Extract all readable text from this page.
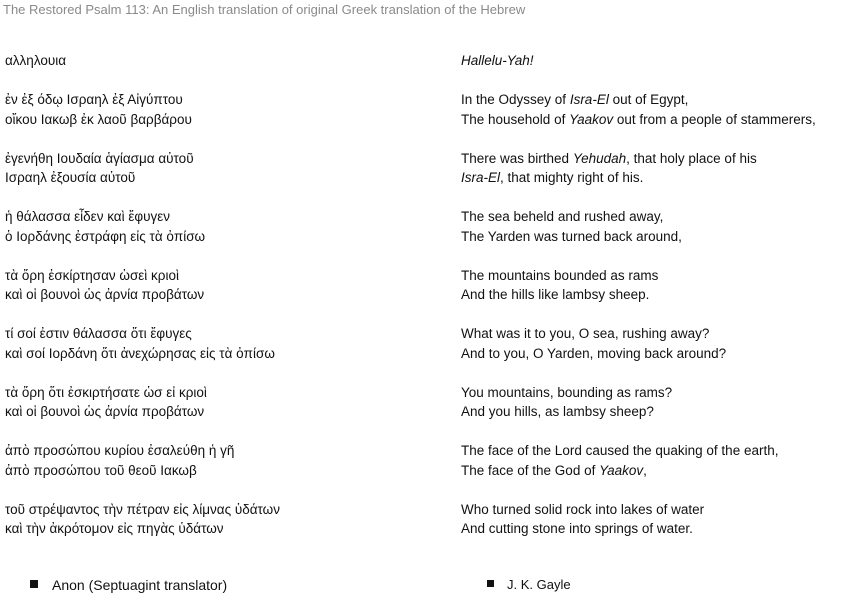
The Restored Psalm 113: An English translation of original Greek translation of the Hebrew
αλληλουια
ἐν ἐξ όδῳ Ισραηλ ἐξ Αἰγύπτου
οἴκου Ιακωβ ἐκ λαοῦ βαρβάρου
ἐγενήθη Ιουδαία ἁγίασμα αὐτοῦ
Ισραηλ ἐξουσία αὐτοῦ
ἡ θάλασσα εἶδεν καὶ ἔφυγεν
ὁ Ιορδάνης ἐστράφη εἰς τὰ ὀπίσω
τὰ ὄρη ἐσκίρτησαν ὡσεὶ κριοὶ
καὶ οἱ βουνοὶ ὡς ἀρνία προβάτων
τί σοί ἐστιν θάλασσα ὅτι ἔφυγες
καὶ σοί Ιορδάνη ὅτι ἀνεχώρησας εἰς τὰ ὀπίσω
τὰ ὄρη ὅτι ἐσκιρτήσατε ὡσ εἰ κριοὶ
καὶ οἱ βουνοὶ ὡς ἀρνία προβάτων
ἀπὸ προσώπου κυρίου ἐσαλεύθη ἡ γῆ
ἀπὸ προσώπου τοῦ θεοῦ Ιακωβ
τοῦ στρέψαντος τὴν πέτραν εἰς λίμνας ὑδάτων
καὶ τὴν ἀκρότομον εἰς πηγὰς ὑδάτων
Hallelu-Yah!
In the Odyssey of Isra-El out of Egypt,
The household of Yaakov out from a people of stammerers,
There was birthed Yehudah, that holy place of his
Isra-El, that mighty right of his.
The sea beheld and rushed away,
The Yarden was turned back around,
The mountains bounded as rams
And the hills like lambsy sheep.
What was it to you, O sea, rushing away?
And to you, O Yarden, moving back around?
You mountains, bounding as rams?
And you hills, as lambsy sheep?
The face of the Lord caused the quaking of the earth,
The face of the God of Yaakov,
Who turned solid rock into lakes of water
And cutting stone into springs of water.
Anon (Septuagint translator)	J. K. Gayle
